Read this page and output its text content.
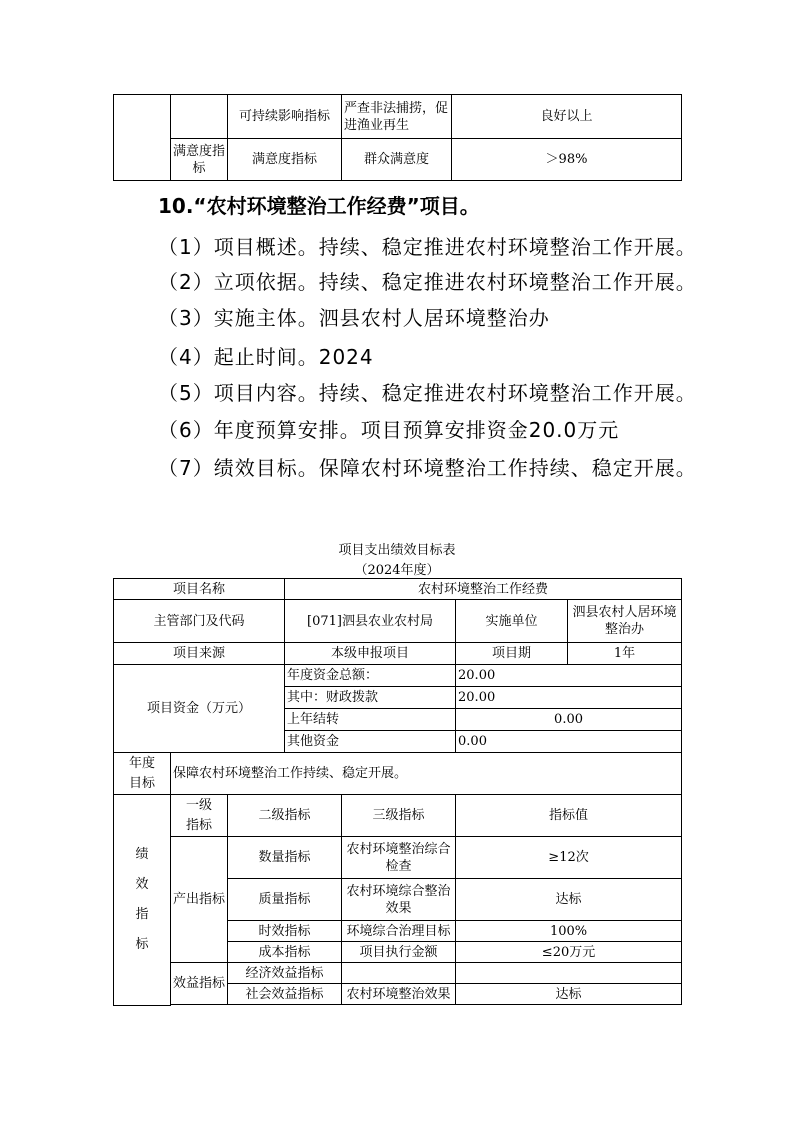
		可持续影响指标	严查非法捕捞，促进渔业再生	良好以上
	满意度指标	满意度指标	群众满意度	＞98%
10.“农村环境整治工作经费”项目。
（1）项目概述。持续、稳定推进农村环境整治工作开展。
（2）立项依据。持续、稳定推进农村环境整治工作开展。
（3）实施主体。泗县农村人居环境整治办
（4）起止时间。2024
（5）项目内容。持续、稳定推进农村环境整治工作开展。
（6）年度预算安排。项目预算安排资金20.0万元
（7）绩效目标。保障农村环境整治工作持续、稳定开展。
项目支出绩效目标表
（2024年度）
项目名称			农村环境整治工作经费			
主管部门及代码			[071]泗县农业农村局		实施单位	泗县农村人居环境整治办
项目来源			本级申报项目		项目期	1年
项目资金（万元）			年度资金总额：		20.00	
			其中：财政拨款		20.00	
			上年结转		0.00	
			其他资金		0.00	
年度目标	保障农村环境整治工作持续、稳定开展。					
绩效指标	一级指标	二级指标		三级指标	指标值	
	产出指标	数量指标		农村环境整治综合检查	≥12次	
		质量指标		农村环境综合整治效果	达标	
		时效指标		环境综合治理目标	100%	
		成本指标		项目执行金额	≤20万元	
	效益指标	经济效益指标				
		社会效益指标		农村环境整治效果	达标	
